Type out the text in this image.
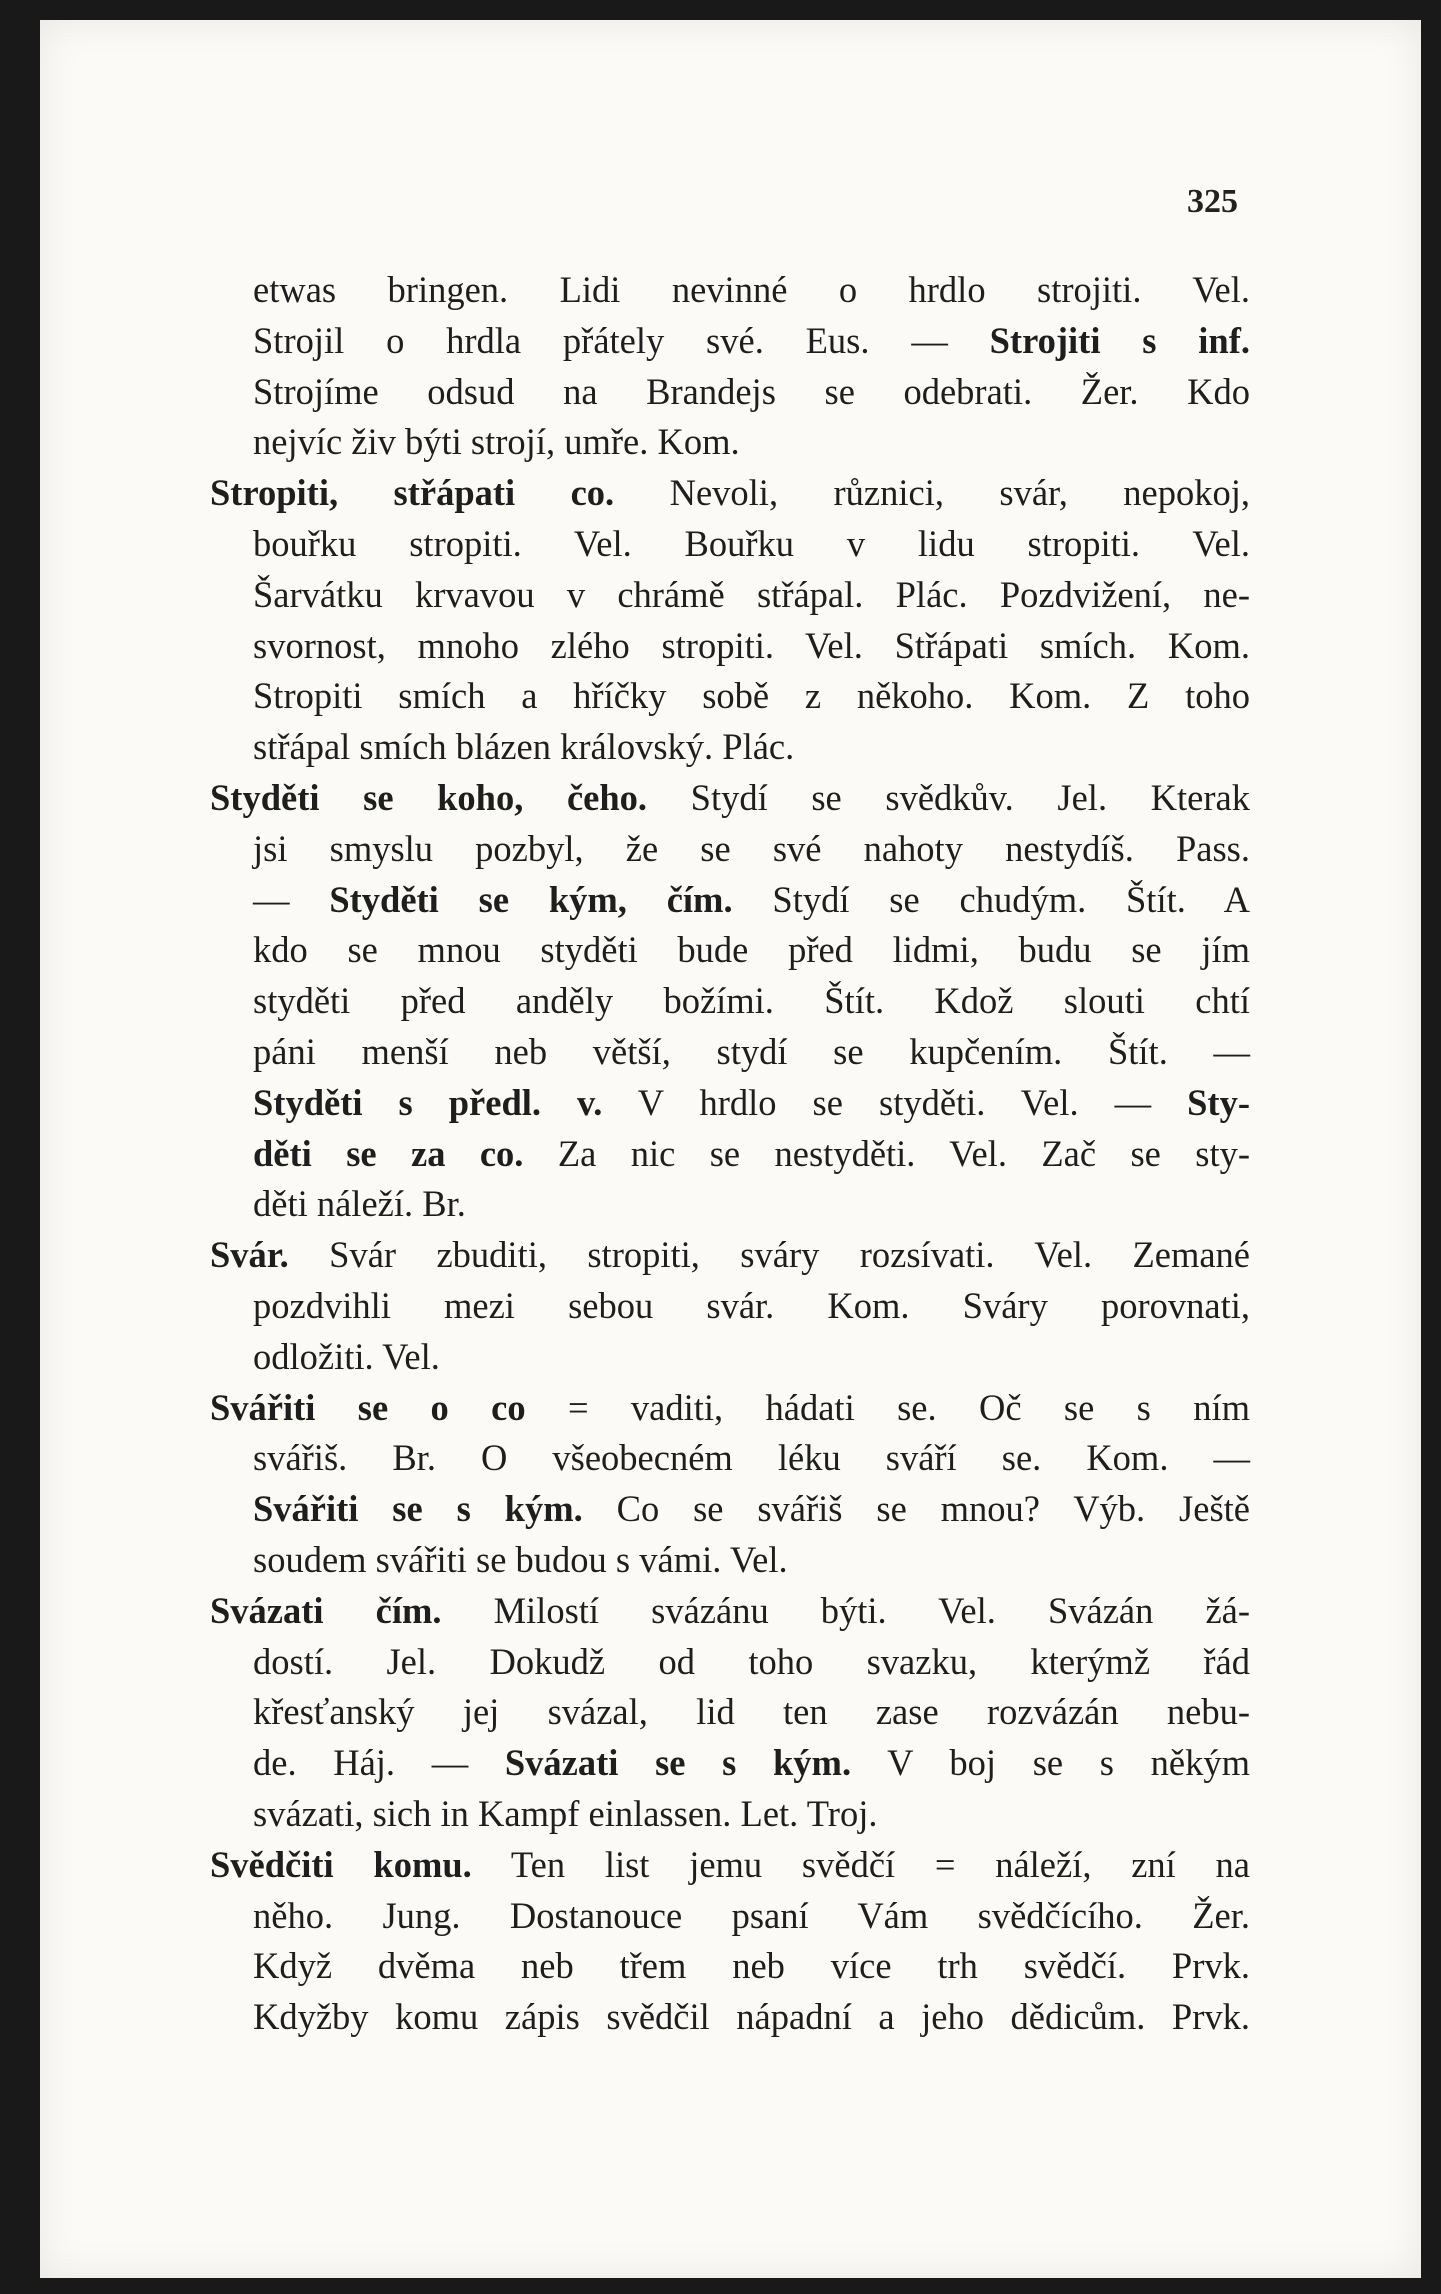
325
etwas bringen. Lidi nevinné o hrdlo strojiti. Vel.
Strojil o hrdla přátely své. Eus. — Strojiti s inf.
Strojíme odsud na Brandejs se odebrati. Žer. Kdo
nejvíc živ býti strojí, umře. Kom.
Stropiti, střápati co. Nevoli, různici, svár, nepokoj,
bouřku stropiti. Vel. Bouřku v lidu stropiti. Vel.
Šarvátku krvavou v chrámě střápal. Plác. Pozdvižení, ne-
svornost, mnoho zlého stropiti. Vel. Střápati smích. Kom.
Stropiti smích a hříčky sobě z někoho. Kom. Z toho
střápal smích blázen královský. Plác.
Styděti se koho, čeho. Stydí se svědkův. Jel. Kterak
jsi smyslu pozbyl, že se své nahoty nestydíš. Pass.
— Styděti se kým, čím. Stydí se chudým. Štít. A
kdo se mnou styděti bude před lidmi, budu se jím
styděti před anděly božími. Štít. Kdož slouti chtí
páni menší neb větší, stydí se kupčením. Štít. —
Styděti s předl. v. V hrdlo se styděti. Vel. — Sty-
děti se za co. Za nic se nestyděti. Vel. Zač se sty-
děti náleží. Br.
Svár. Svár zbuditi, stropiti, sváry rozsívati. Vel. Zemané
pozdvihli mezi sebou svár. Kom. Sváry porovnati,
odložiti. Vel.
Svářiti se o co = vaditi, hádati se. Oč se s ním
svářiš. Br. O všeobecném léku sváří se. Kom. —
Svářiti se s kým. Co se svářiš se mnou? Výb. Ještě
soudem svářiti se budou s vámi. Vel.
Svázati čím. Milostí svázánu býti. Vel. Svázán žá-
dostí. Jel. Dokudž od toho svazku, kterýmž řád
křesťanský jej svázal, lid ten zase rozvázán nebu-
de. Háj. — Svázati se s kým. V boj se s někým
svázati, sich in Kampf einlassen. Let. Troj.
Svědčiti komu. Ten list jemu svědčí = náleží, zní na
něho. Jung. Dostanouce psaní Vám svědčícího. Žer.
Když dvěma neb třem neb více trh svědčí. Prvk.
Kdyžby komu zápis svědčil nápadní a jeho dědicům. Prvk.
